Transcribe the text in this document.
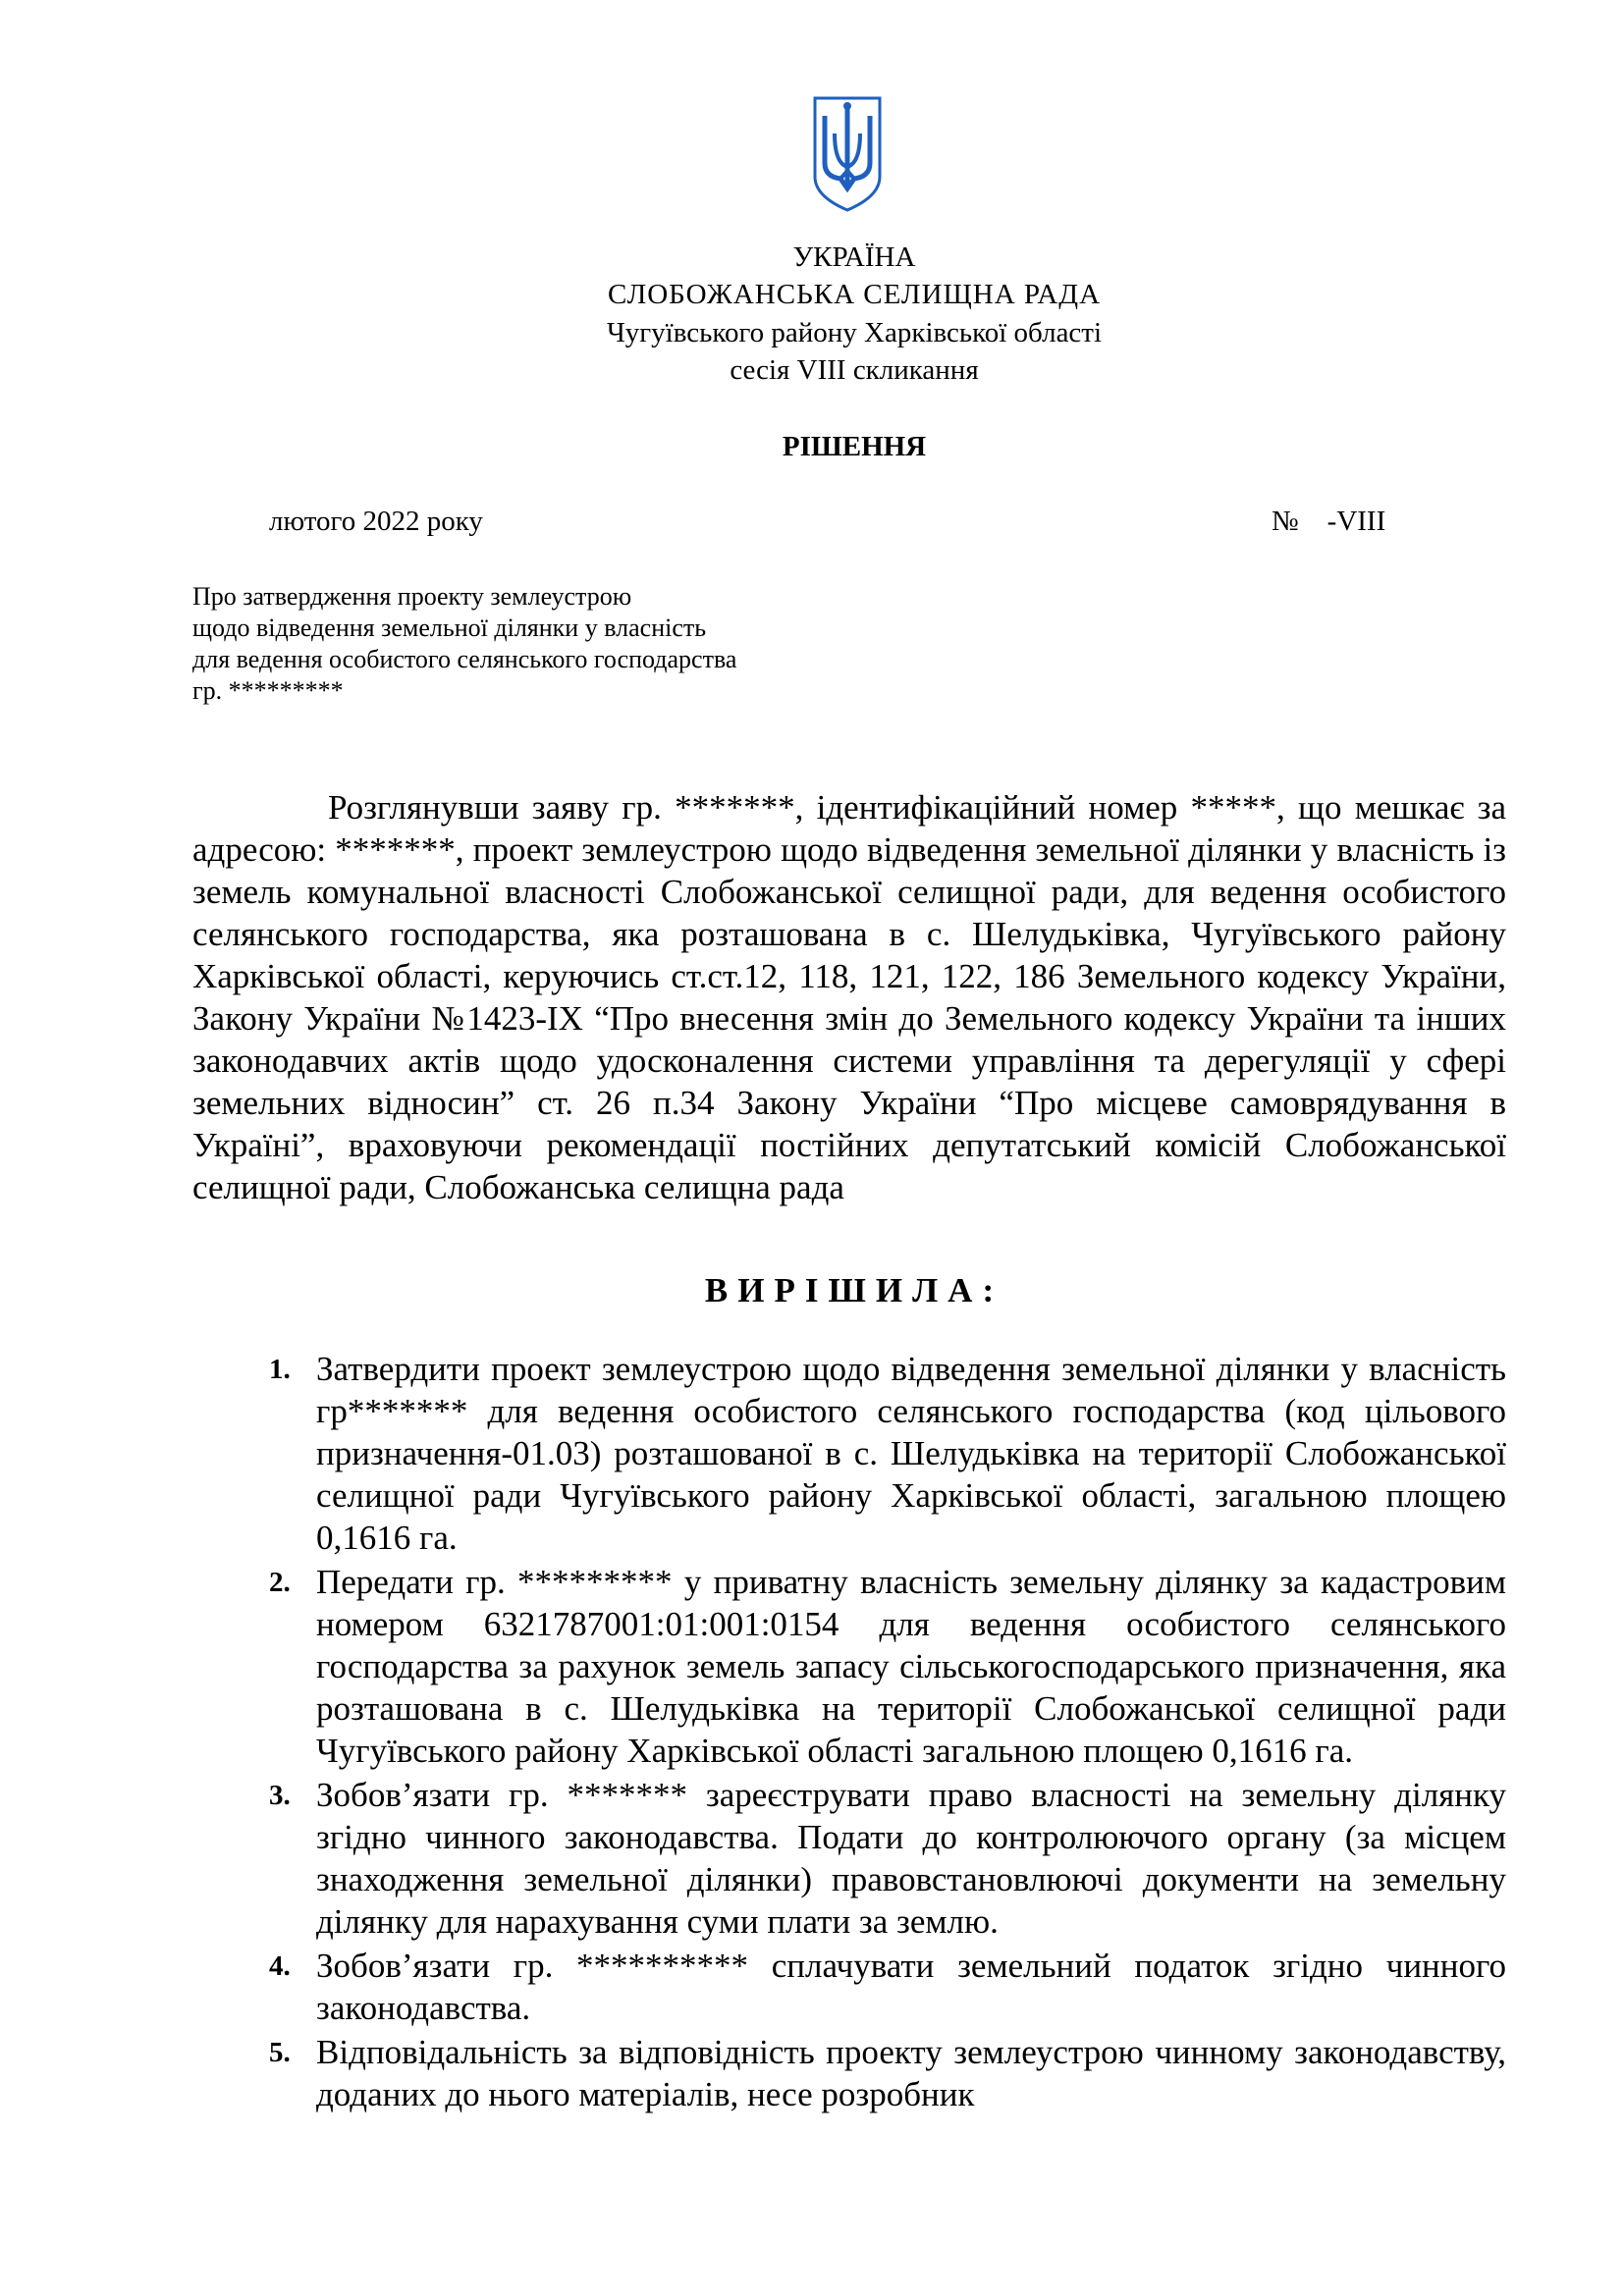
УКРАЇНА
СЛОБОЖАНСЬКА СЕЛИЩНА РАДА
Чугуївського району Харківської області
сесія VIII скликання
РІШЕННЯ
лютого 2022 року	№    -VIII
Про затвердження проекту землеустрою
щодо відведення земельної ділянки у власність
для ведення особистого селянського господарства
гр. *********

Розглянувши заяву гр. *******, ідентифікаційний номер *****, що мешкає за адресою: *******, проект землеустрою щодо відведення земельної ділянки у власність із земель комунальної власності Слобожанської селищної ради, для ведення особистого селянського господарства, яка розташована в с. Шелудьківка, Чугуївського району Харківської області, керуючись ст.ст.12, 118, 121, 122, 186 Земельного кодексу України, Закону України №1423-IX “Про внесення змін до Земельного кодексу України та інших законодавчих актів щодо удосконалення системи управління та дерегуляції у сфері земельних відносин” ст. 26 п.34 Закону України “Про місцеве самоврядування в Україні”, враховуючи рекомендації постійних депутатський комісій Слобожанської селищної ради, Слобожанська селищна рада

ВИРІШИЛА:
1. Затвердити проект землеустрою щодо відведення земельної ділянки у власність гр******* для ведення особистого селянського господарства (код цільового призначення-01.03) розташованої в с. Шелудьківка на території Слобожанської селищної ради Чугуївського району Харківської області, загальною площею 0,1616 га.
2. Передати гр. ********* у приватну власність земельну ділянку за кадастровим номером 6321787001:01:001:0154 для ведення особистого селянського господарства за рахунок земель запасу сільськогосподарського призначення, яка розташована в с. Шелудьківка на території Слобожанської селищної ради Чугуївського району Харківської області загальною площею 0,1616 га.
3. Зобов’язати гр. ******* зареєструвати право власності на земельну ділянку згідно чинного законодавства. Подати до контролюючого органу (за місцем знаходження земельної ділянки) правовстановлюючі документи на земельну ділянку для нарахування суми плати за землю.
4. Зобов’язати гр. ********** сплачувати земельний податок згідно чинного законодавства.
5. Відповідальність за відповідність проекту землеустрою чинному законодавству, доданих до нього матеріалів, несе розробник
